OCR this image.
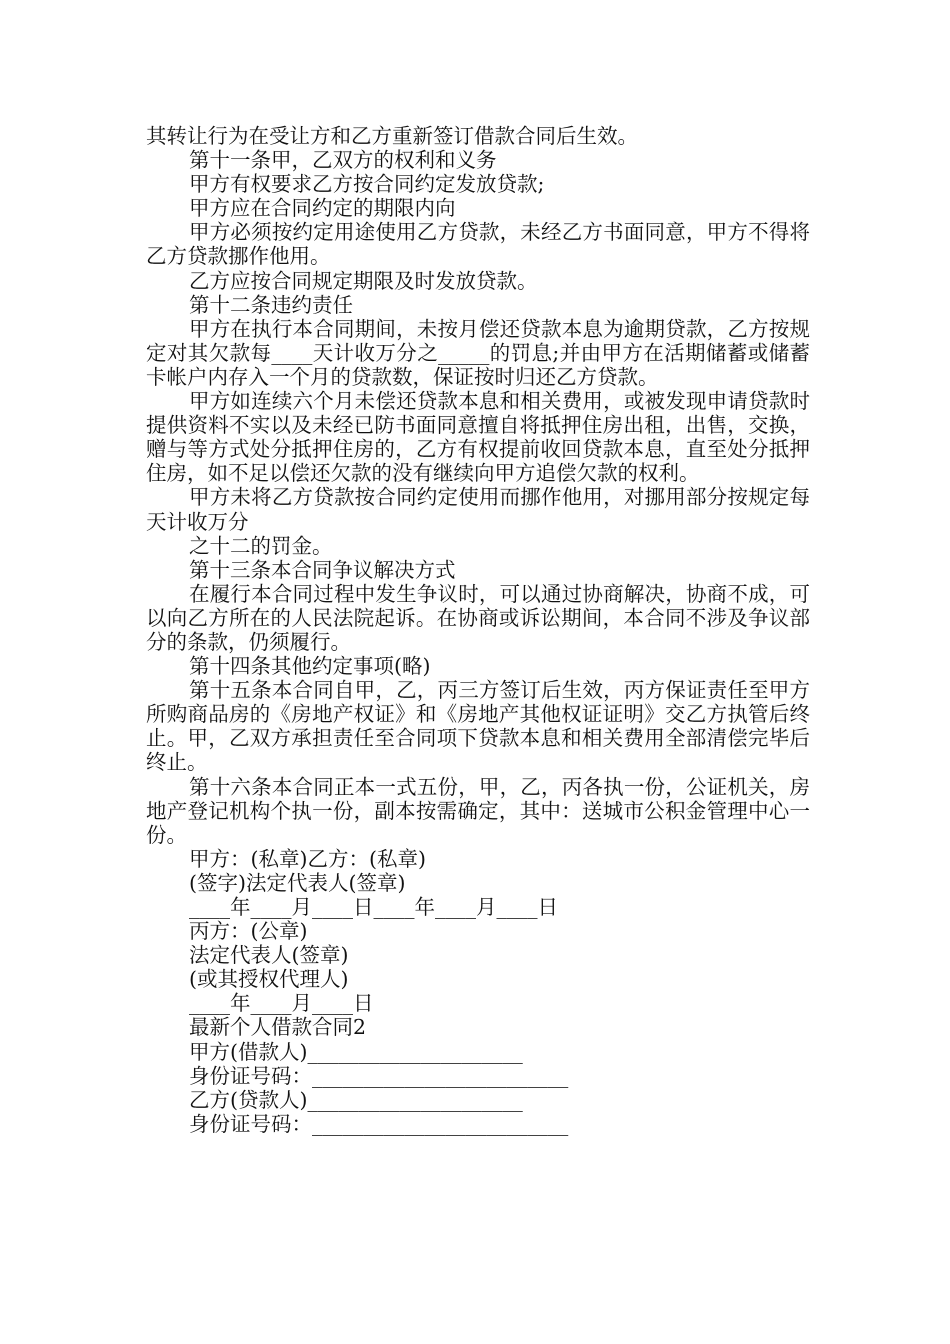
其转让行为在受让方和乙方重新签订借款合同后生效。

第十一条甲，乙双方的权利和义务

甲方有权要求乙方按合同约定发放贷款;

甲方应在合同约定的期限内向

甲方必须按约定用途使用乙方贷款，未经乙方书面同意，甲方不得将乙方贷款挪作他用。

乙方应按合同规定期限及时发放贷款。

第十二条违约责任

甲方在执行本合同期间，未按月偿还贷款本息为逾期贷款，乙方按规定对其欠款每____天计收万分之_____的罚息;并由甲方在活期储蓄或储蓄卡帐户内存入一个月的贷款数，保证按时归还乙方贷款。

甲方如连续六个月未偿还贷款本息和相关费用，或被发现申请贷款时提供资料不实以及未经已防书面同意擅自将抵押住房出租，出售，交换，赠与等方式处分抵押住房的，乙方有权提前收回贷款本息，直至处分抵押住房，如不足以偿还欠款的没有继续向甲方追偿欠款的权利。

甲方未将乙方贷款按合同约定使用而挪作他用，对挪用部分按规定每天计收万分

之十二的罚金。

第十三条本合同争议解决方式

在履行本合同过程中发生争议时，可以通过协商解决，协商不成，可以向乙方所在的人民法院起诉。在协商或诉讼期间，本合同不涉及争议部分的条款，仍须履行。

第十四条其他约定事项(略)

第十五条本合同自甲，乙，丙三方签订后生效，丙方保证责任至甲方所购商品房的《房地产权证》和《房地产其他权证证明》交乙方执管后终止。甲，乙双方承担责任至合同项下贷款本息和相关费用全部清偿完毕后终止。

第十六条本合同正本一式五份，甲，乙，丙各执一份，公证机关，房地产登记机构个执一份，副本按需确定，其中：送城市公积金管理中心一份。

甲方：(私章)乙方：(私章)

(签字)法定代表人(签章)

____年____月____日____年____月____日

丙方：(公章)

法定代表人(签章)

(或其授权代理人)

____年____月____日

最新个人借款合同2

甲方(借款人)_____________________

身份证号码：_________________________

乙方(贷款人)_____________________

身份证号码：_________________________
